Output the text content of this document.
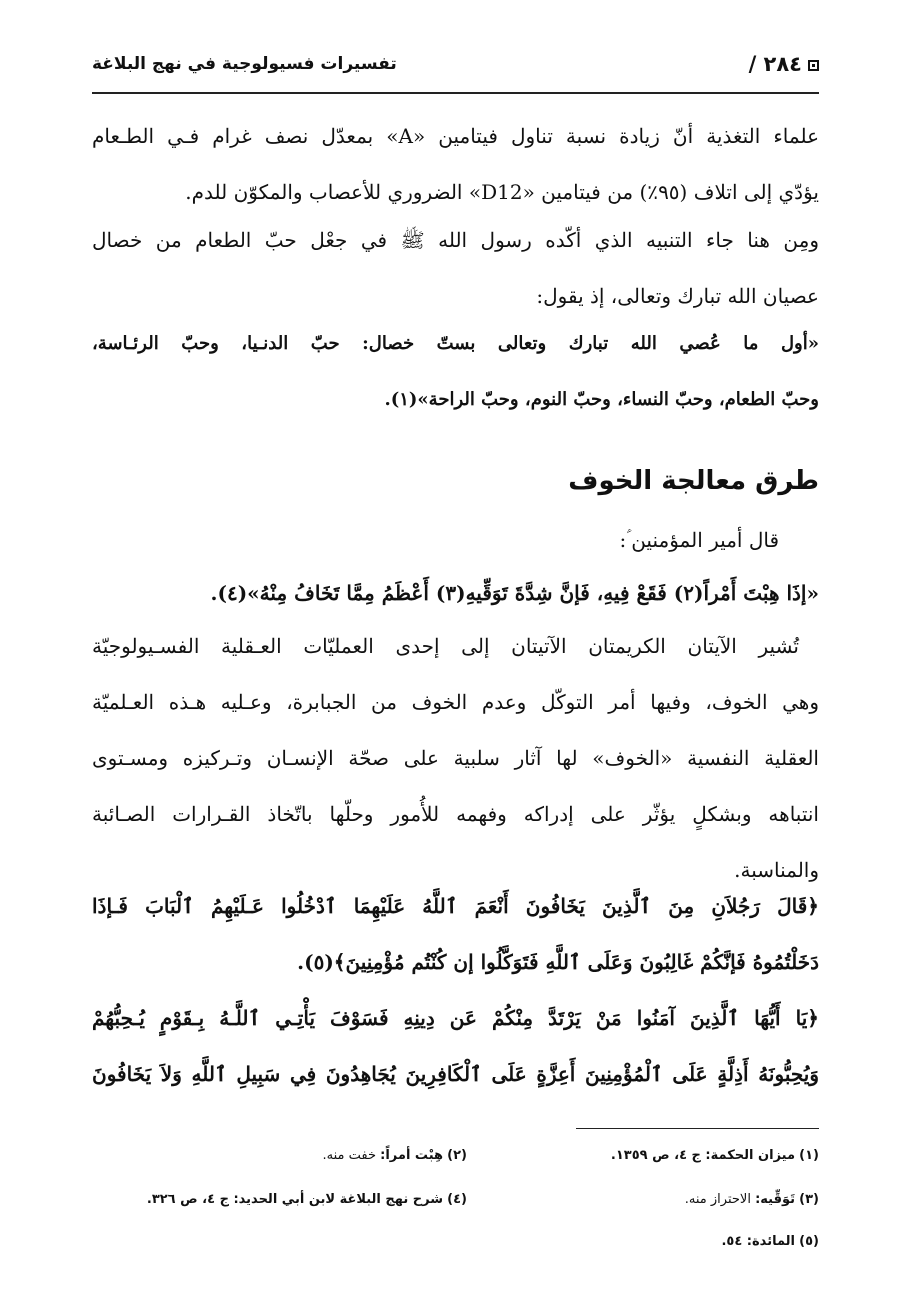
٢٨٤ /
تفسيرات فسيولوجية في نهج البلاغة
علماء التغذية أنّ زيادة نسبة تناول فيتامين «A» بمعدّل نصف غرام فـي الطـعام
يؤدّي إلى اتلاف (٩٥٪) من فيتامين «D12» الضروري للأعصاب والمكوّن للدم.
ومِن هنا جاء التنبيه الذي أكّده رسول الله ﷺ في جعْل حبّ الطعام من خصال
عصيان الله تبارك وتعالى، إذ يقول:
«أول ما عُصي الله تبارك وتعالى بستّ خصال: حبّ الدنـيا، وحبّ الرئـاسة،
وحبّ الطعام، وحبّ النساء، وحبّ النوم، وحبّ الراحة»(١).
طرق معالجة الخوف
قال أمير المؤمنين ؑ:
«إذَا هِبْتَ أَمْراً(٢) فَقَعْ فِيهِ، فَإنَّ شِدَّةَ تَوَقِّيهِ(٣) أَعْظَمُ مِمَّا تَخَافُ مِنْهُ»(٤).
تُشير الآيتان الكريمتان الآتيتان إلى إحدى العمليّات العـقلية الفسـيولوجيّة
وهي الخوف، وفيها أمر التوكّل وعدم الخوف من الجبابرة، وعـليه هـذه العـلميّة
العقلية النفسية «الخوف» لها آثار سلبية على صحّة الإنسـان وتـركيزه ومسـتوى
انتباهه وبشكلٍ يؤثّر على إدراكه وفهمه للأُمور وحلّها باتّخاذ القـرارات الصـائبة
والمناسبة.
﴿قَالَ رَجُلاَنِ مِنَ ٱلَّذِينَ يَخَافُونَ أَنْعَمَ ٱللَّهُ عَلَيْهِمَا ٱدْخُلُوا عَـلَيْهِمُ ٱلْبَابَ فَـإذَا
دَخَلْتُمُوهُ فَإنَّكُمْ غَالِبُونَ وَعَلَى ٱللَّهِ فَتَوَكَّلُوا إن كُنْتُم مُؤْمِنِينَ﴾(٥).
﴿يَا أَيُّهَا ٱلَّذِينَ آمَنُوا مَنْ يَرْتَدَّ مِنْكُمْ عَن دِينِهِ فَسَوْفَ يَأْتِـي ٱللَّـهُ بِـقَوْمٍ يُـحِبُّهُمْ
وَيُحِبُّونَهُ أَذِلَّةٍ عَلَى ٱلْمُؤْمِنِينَ أَعِزَّةٍ عَلَى ٱلْكَافِرِينَ يُجَاهِدُونَ فِي سَبِيلِ ٱللَّهِ وَلاَ يَخَافُونَ
(١) ميزان الحكمة: ج ٤، ص ١٣٥٩.
(٢) هِبْت أمراً: خفت منه.
(٣) تَوَقِّيه: الاحتراز منه.
(٤) شرح نهج البلاغة لابن أبي الحديد: ج ٤، ص ٣٢٦.
(٥) المائدة: ٥٤.
